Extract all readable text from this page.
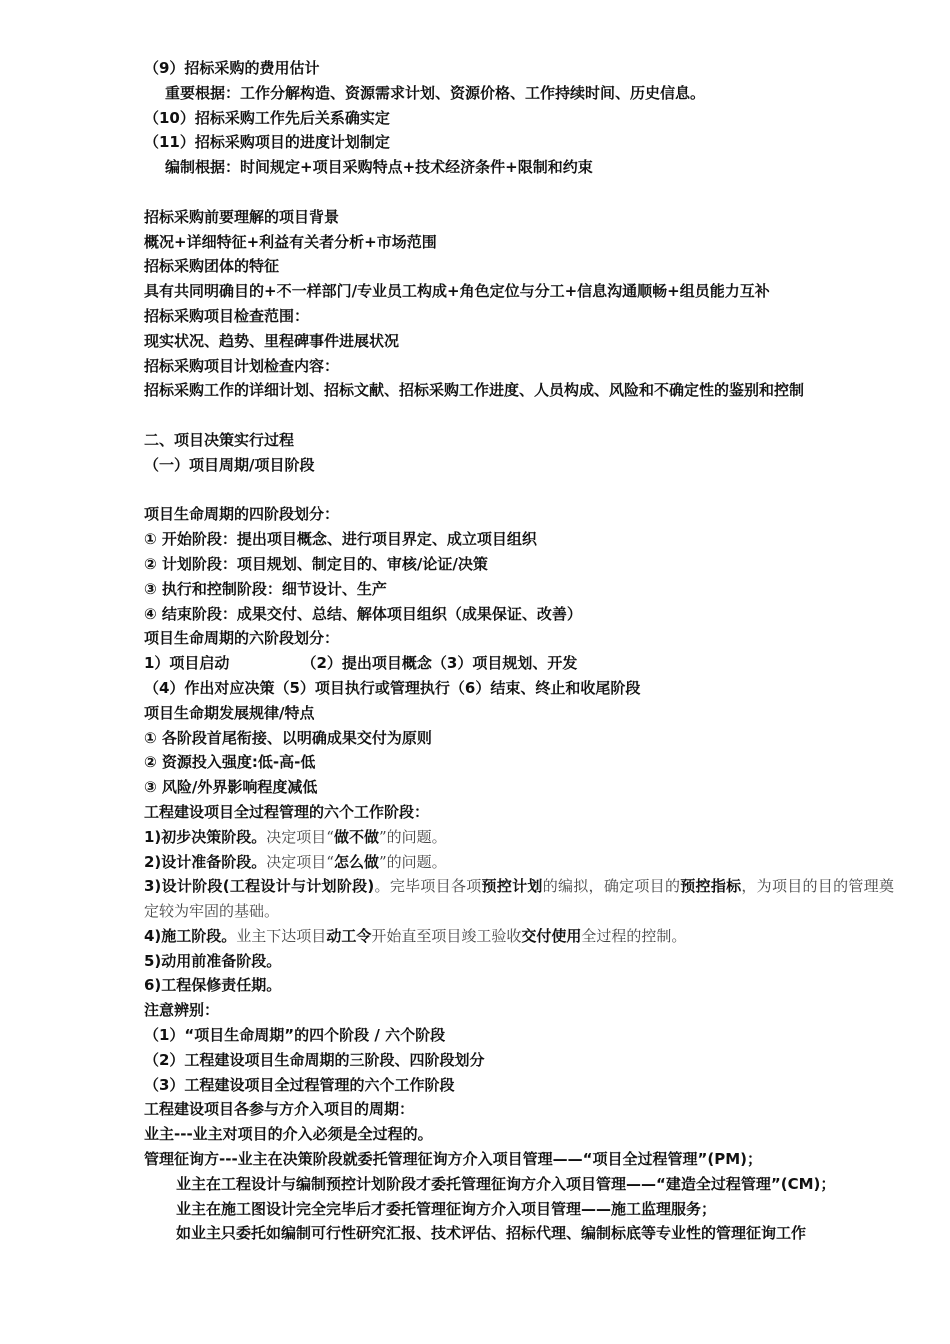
（9）招标采购的费用估计
重要根据：工作分解构造、资源需求计划、资源价格、工作持续时间、历史信息。
（10）招标采购工作先后关系确实定
（11）招标采购项目的进度计划制定
编制根据：时间规定+项目采购特点+技术经济条件+限制和约束
招标采购前要理解的项目背景
概况+详细特征+利益有关者分析+市场范围
招标采购团体的特征
具有共同明确目的+不一样部门/专业员工构成+角色定位与分工+信息沟通顺畅+组员能力互补
招标采购项目检查范围：
现实状况、趋势、里程碑事件进展状况
招标采购项目计划检查内容：
招标采购工作的详细计划、招标文献、招标采购工作进度、人员构成、风险和不确定性的鉴别和控制
二、项目决策实行过程
（一）项目周期/项目阶段
项目生命周期的四阶段划分：
① 开始阶段：提出项目概念、进行项目界定、成立项目组织
② 计划阶段：项目规划、制定目的、审核/论证/决策
③ 执行和控制阶段：细节设计、生产
④ 结束阶段：成果交付、总结、解体项目组织（成果保证、改善）
项目生命周期的六阶段划分：
1）项目启动	（2）提出项目概念（3）项目规划、开发
（4）作出对应决策（5）项目执行或管理执行（6）结束、终止和收尾阶段
项目生命期发展规律/特点
① 各阶段首尾衔接、以明确成果交付为原则
② 资源投入强度:低-高-低
③ 风险/外界影响程度减低
工程建设项目全过程管理的六个工作阶段：
1)初步决策阶段。决定项目“做不做”的问题。
2)设计准备阶段。决定项目“怎么做”的问题。
3)设计阶段(工程设计与计划阶段)。完毕项目各项预控计划的编拟，确定项目的预控指标，为项目的目的管理奠定较为牢固的基础。
4)施工阶段。业主下达项目动工令开始直至项目竣工验收交付使用全过程的控制。
5)动用前准备阶段。
6)工程保修责任期。
注意辨别：
（1）“项目生命周期”的四个阶段 / 六个阶段
（2）工程建设项目生命周期的三阶段、四阶段划分
（3）工程建设项目全过程管理的六个工作阶段
工程建设项目各参与方介入项目的周期：
业主---业主对项目的介入必须是全过程的。
管理征询方---业主在决策阶段就委托管理征询方介入项目管理——“项目全过程管理”(PM)；
业主在工程设计与编制预控计划阶段才委托管理征询方介入项目管理——“建造全过程管理”(CM)；
业主在施工图设计完全完毕后才委托管理征询方介入项目管理——施工监理服务；
如业主只委托如编制可行性研究汇报、技术评估、招标代理、编制标底等专业性的管理征询工作
